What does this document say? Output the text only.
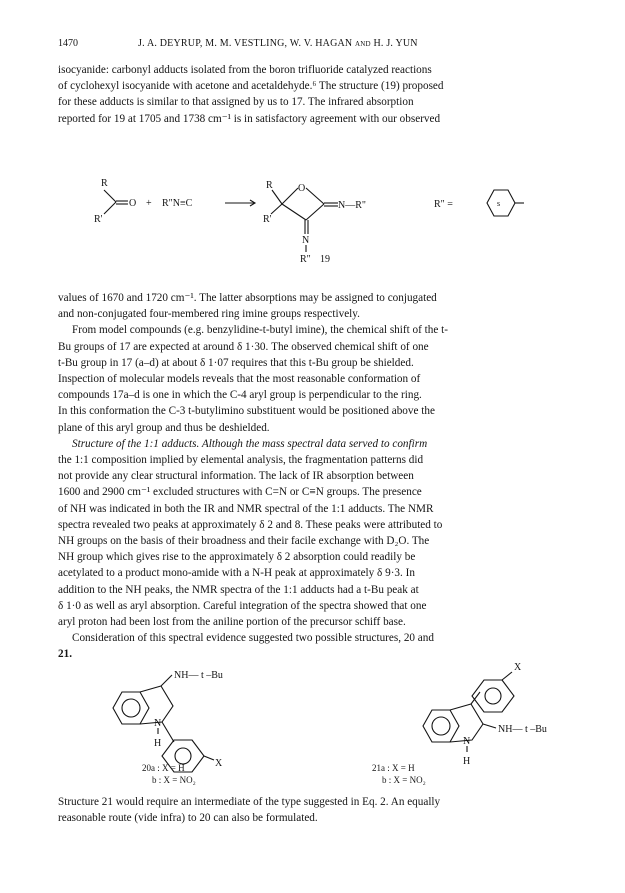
1470	J. A. DEYRUP, M. M. VESTLING, W. V. HAGAN and H. J. YUN

isocyanide: carbonyl adducts isolated from the boron trifluoride catalyzed reactions

of cyclohexyl isocyanide with acetone and acetaldehyde.⁶ The structure (19) proposed

for these adducts is similar to that assigned by us to 17. The infrared absorption

reported for 19 at 1705 and 1738 cm⁻¹ is in satisfactory agreement with our observed

R
R'
O + R"N≡C
R
R'
O
N—R"
N
R" 19
R" =	s

values of 1670 and 1720 cm⁻¹. The latter absorptions may be assigned to conjugated

and non-conjugated four-membered ring imine groups respectively.

From model compounds (e.g. benzylidine-t-butyl imine), the chemical shift of the t-

Bu groups of 17 are expected at around δ 1·30. The observed chemical shift of one

t-Bu group in 17 (a–d) at about δ 1·07 requires that this t-Bu group be shielded.

Inspection of molecular models reveals that the most reasonable conformation of

compounds 17a–d is one in which the C-4 aryl group is perpendicular to the ring.

In this conformation the C-3 t-butylimino substituent would be positioned above the

plane of this aryl group and thus be deshielded.

Structure of the 1:1 adducts. Although the mass spectral data served to confirm

the 1:1 composition implied by elemental analysis, the fragmentation patterns did

not provide any clear structural information. The lack of IR absorption between

1600 and 2900 cm⁻¹ excluded structures with C=N or C≡N groups. The presence

of NH was indicated in both the IR and NMR spectral of the 1:1 adducts. The NMR

spectra revealed two peaks at approximately δ 2 and 8. These peaks were attributed to

NH groups on the basis of their broadness and their facile exchange with D₂O. The

NH group which gives rise to the approximately δ 2 absorption could readily be

acetylated to a product mono-amide with a N-H peak at approximately δ 9·3. In

addition to the NH peaks, the NMR spectra of the 1:1 adducts had a t-Bu peak at

δ 1·0 as well as aryl absorption. Careful integration of the spectra showed that one

aryl proton had been lost from the aniline portion of the precursor schiff base.

Consideration of this spectral evidence suggested two possible structures, 20 and

21.

NH— t –Bu
N
H
X
X
N
H
NH— t –Bu
20a : X = H
b : X = NO₂
21a : X = H
b : X = NO₂

Structure 21 would require an intermediate of the type suggested in Eq. 2. An equally

reasonable route (vide infra) to 20 can also be formulated.
